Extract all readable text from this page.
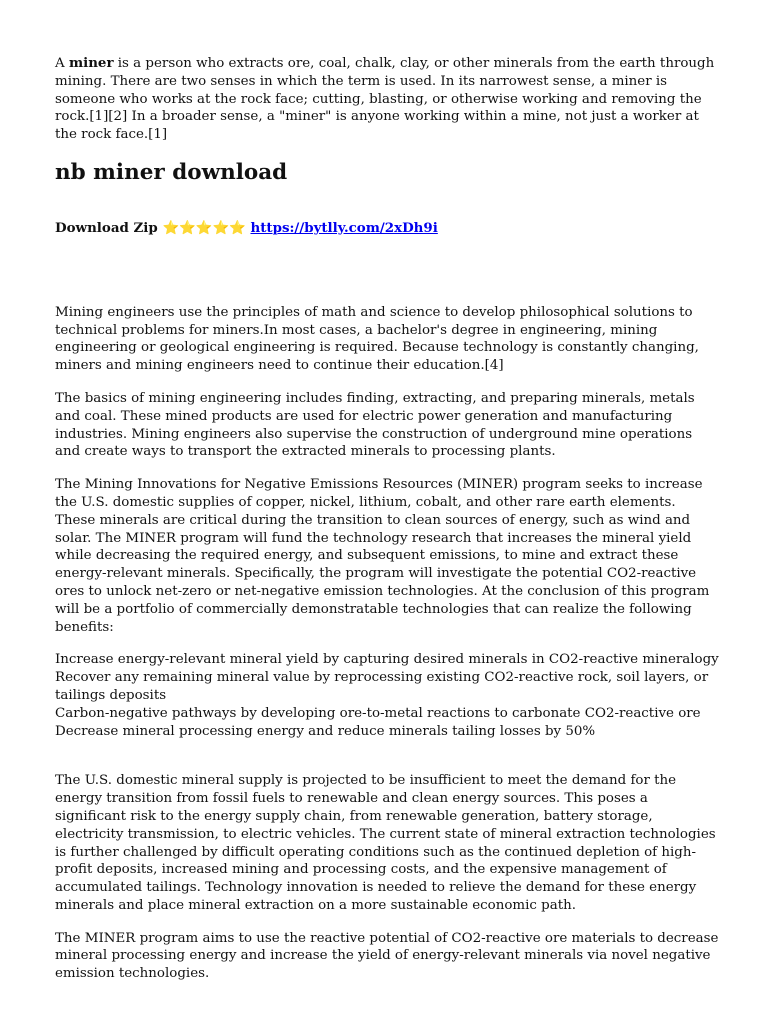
A miner is a person who extracts ore, coal, chalk, clay, or other minerals from the earth through mining. There are two senses in which the term is used. In its narrowest sense, a miner is someone who works at the rock face; cutting, blasting, or otherwise working and removing the rock.[1][2] In a broader sense, a "miner" is anyone working within a mine, not just a worker at the rock face.[1]

nb miner download
Download Zip ⭐⭐⭐⭐⭐ https://bytlly.com/2xDh9i

Mining engineers use the principles of math and science to develop philosophical solutions to technical problems for miners.In most cases, a bachelor's degree in engineering, mining engineering or geological engineering is required. Because technology is constantly changing, miners and mining engineers need to continue their education.[4]

The basics of mining engineering includes finding, extracting, and preparing minerals, metals and coal. These mined products are used for electric power generation and manufacturing industries. Mining engineers also supervise the construction of underground mine operations and create ways to transport the extracted minerals to processing plants.

The Mining Innovations for Negative Emissions Resources (MINER) program seeks to increase the U.S. domestic supplies of copper, nickel, lithium, cobalt, and other rare earth elements. These minerals are critical during the transition to clean sources of energy, such as wind and solar. The MINER program will fund the technology research that increases the mineral yield while decreasing the required energy, and subsequent emissions, to mine and extract these energy-relevant minerals. Specifically, the program will investigate the potential CO2-reactive ores to unlock net-zero or net-negative emission technologies. At the conclusion of this program will be a portfolio of commercially demonstratable technologies that can realize the following benefits:

Increase energy-relevant mineral yield by capturing desired minerals in CO2-reactive mineralogy
Recover any remaining mineral value by reprocessing existing CO2-reactive rock, soil layers, or tailings deposits
Carbon-negative pathways by developing ore-to-metal reactions to carbonate CO2-reactive ore
Decrease mineral processing energy and reduce minerals tailing losses by 50%

The U.S. domestic mineral supply is projected to be insufficient to meet the demand for the energy transition from fossil fuels to renewable and clean energy sources. This poses a significant risk to the energy supply chain, from renewable generation, battery storage, electricity transmission, to electric vehicles. The current state of mineral extraction technologies is further challenged by difficult operating conditions such as the continued depletion of high-profit deposits, increased mining and processing costs, and the expensive management of accumulated tailings. Technology innovation is needed to relieve the demand for these energy minerals and place mineral extraction on a more sustainable economic path.

The MINER program aims to use the reactive potential of CO2-reactive ore materials to decrease mineral processing energy and increase the yield of energy-relevant minerals via novel negative emission technologies.
